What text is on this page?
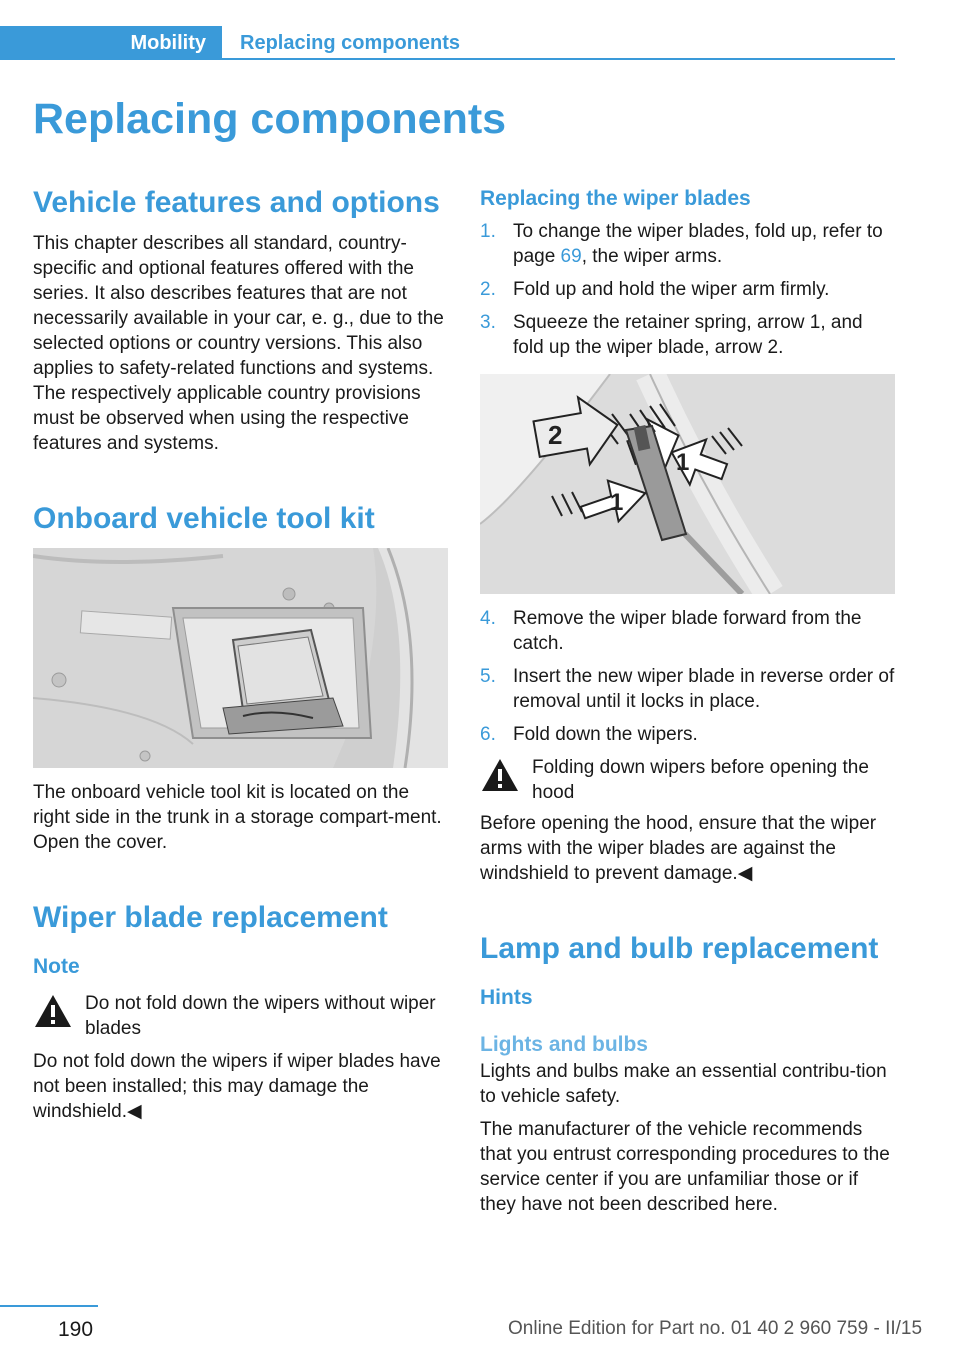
Mobility	Replacing components
Replacing components
Vehicle features and options

This chapter describes all standard, country-specific and optional features offered with the series. It also describes features that are not necessarily available in your car, e. g., due to the selected options or country versions. This also applies to safety-related functions and systems. The respectively applicable country provisions must be observed when using the respective features and systems.

Onboard vehicle tool kit

The onboard vehicle tool kit is located on the right side in the trunk in a storage compart-ment. Open the cover.

Wiper blade replacement
Note
Do not fold down the wipers without wiper blades

Do not fold down the wipers if wiper blades have not been installed; this may damage the windshield.◀

Replacing the wiper blades
1. To change the wiper blades, fold up, refer to page 69, the wiper arms.
2. Fold up and hold the wiper arm firmly.
3. Squeeze the retainer spring, arrow 1, and fold up the wiper blade, arrow 2.
2
1
1
4. Remove the wiper blade forward from the catch.
5. Insert the new wiper blade in reverse order of removal until it locks in place.
6. Fold down the wipers.
Folding down wipers before opening the hood

Before opening the hood, ensure that the wiper arms with the wiper blades are against the windshield to prevent damage.◀

Lamp and bulb replacement
Hints
Lights and bulbs

Lights and bulbs make an essential contribu-tion to vehicle safety.

The manufacturer of the vehicle recommends that you entrust corresponding procedures to the service center if you are unfamiliar those or if they have not been described here.

190	Online Edition for Part no. 01 40 2 960 759 - II/15
